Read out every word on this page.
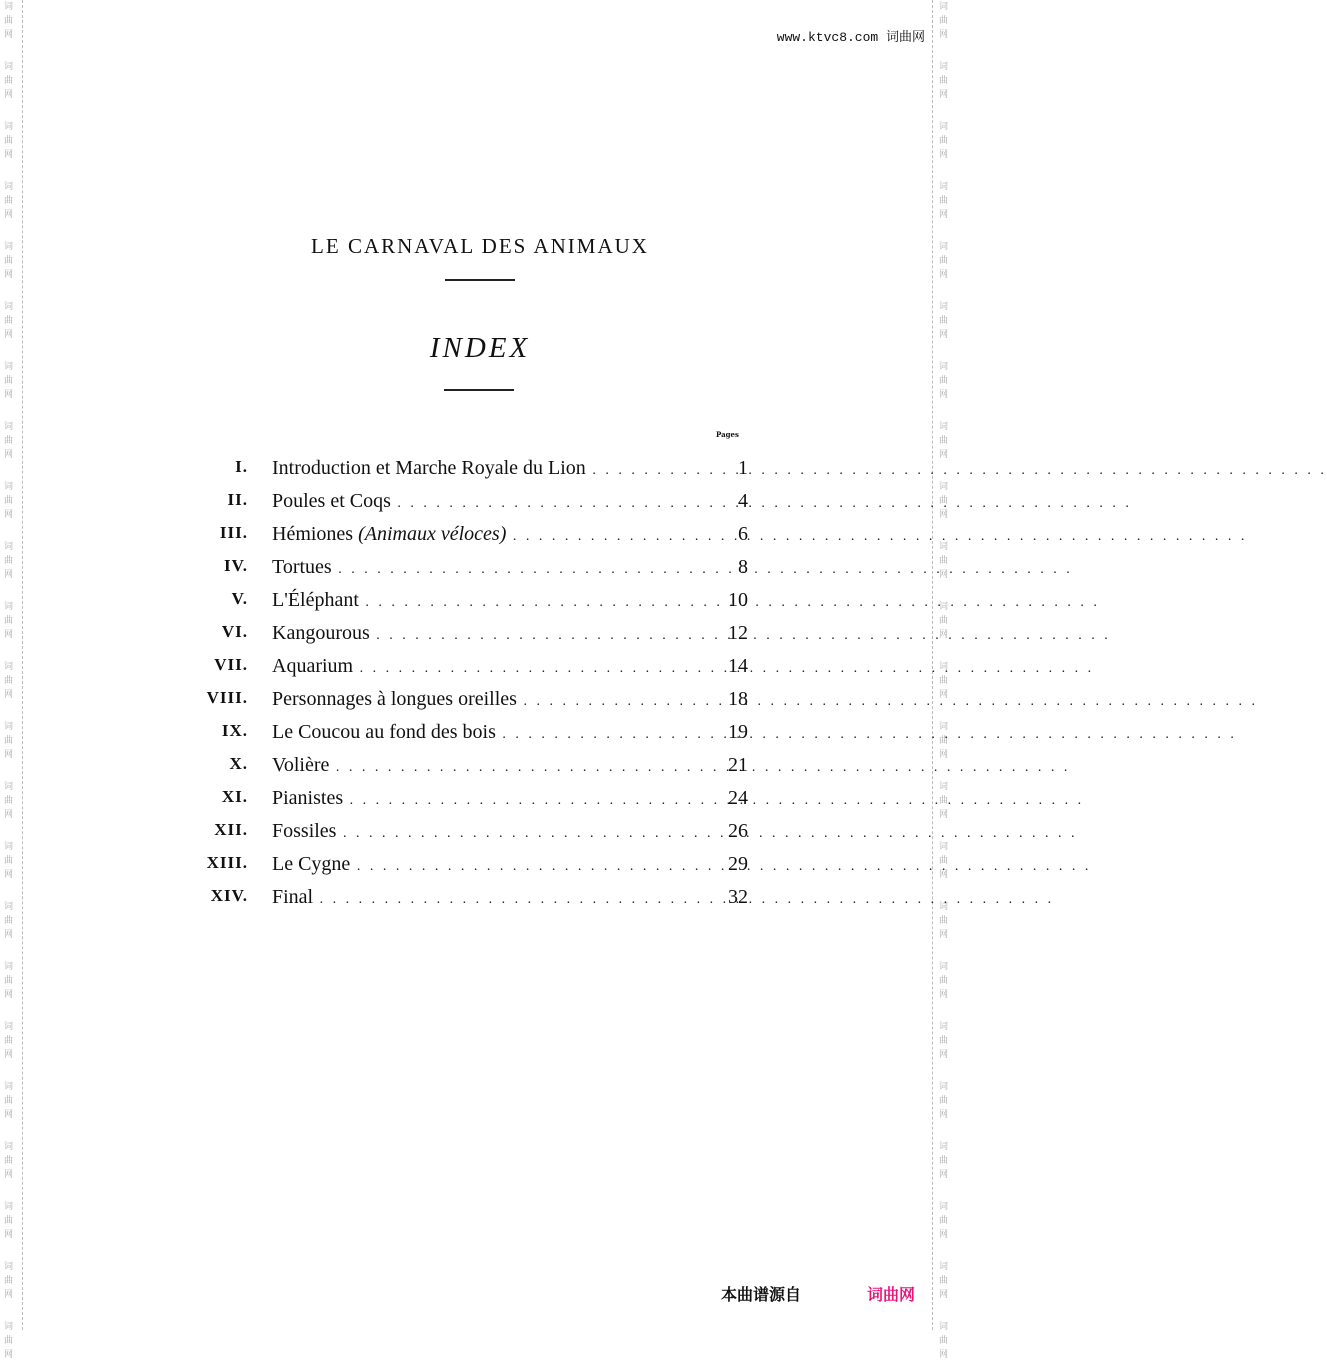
词	词
曲	曲
网	网
词	词
曲	曲
网	网
词	词
曲	曲
网	网
词	词
曲	曲
网	网
词	词
曲	曲
网	网
词	词
曲	曲
网	网
词	词
曲	曲
网	网
词	词
曲	曲
网	网
词	词
曲	曲
网	网
词	词
曲	曲
网	网
词	词
曲	曲
网	网
词	词
曲	曲
网	网
词	词
曲	曲
网	网
词	词
曲	曲
网	网
词	词
曲	曲
网	网
词	词
曲	曲
网	网
词	词
曲	曲
网	网
词	词
曲	曲
网	网
词	词
曲	曲
网	网
词	词
曲	曲
网	网
词	词
曲	曲
网	网
词	词
曲	曲
网	网
词	词
曲	曲
网	网
www.ktvc8.com 词曲网
LE CARNAVAL DES ANIMAUX
INDEX
Pages
I. Introduction et Marche Royale du Lion . . .	1
II. Poules et Coqs . . .	4
III. Hémiones (Animaux véloces) . . .	6
IV. Tortues . . .	8
V. L'Éléphant . . .	10
VI. Kangourous . . .	12
VII. Aquarium . . .	14
VIII. Personnages à longues oreilles . . .	18
IX. Le Coucou au fond des bois . . .	19
X. Volière . . .	21
XI. Pianistes . . .	24
XII. Fossiles . . .	26
XIII. Le Cygne . . .	29
XIV. Final . . .	32
本曲谱源自	词曲网
